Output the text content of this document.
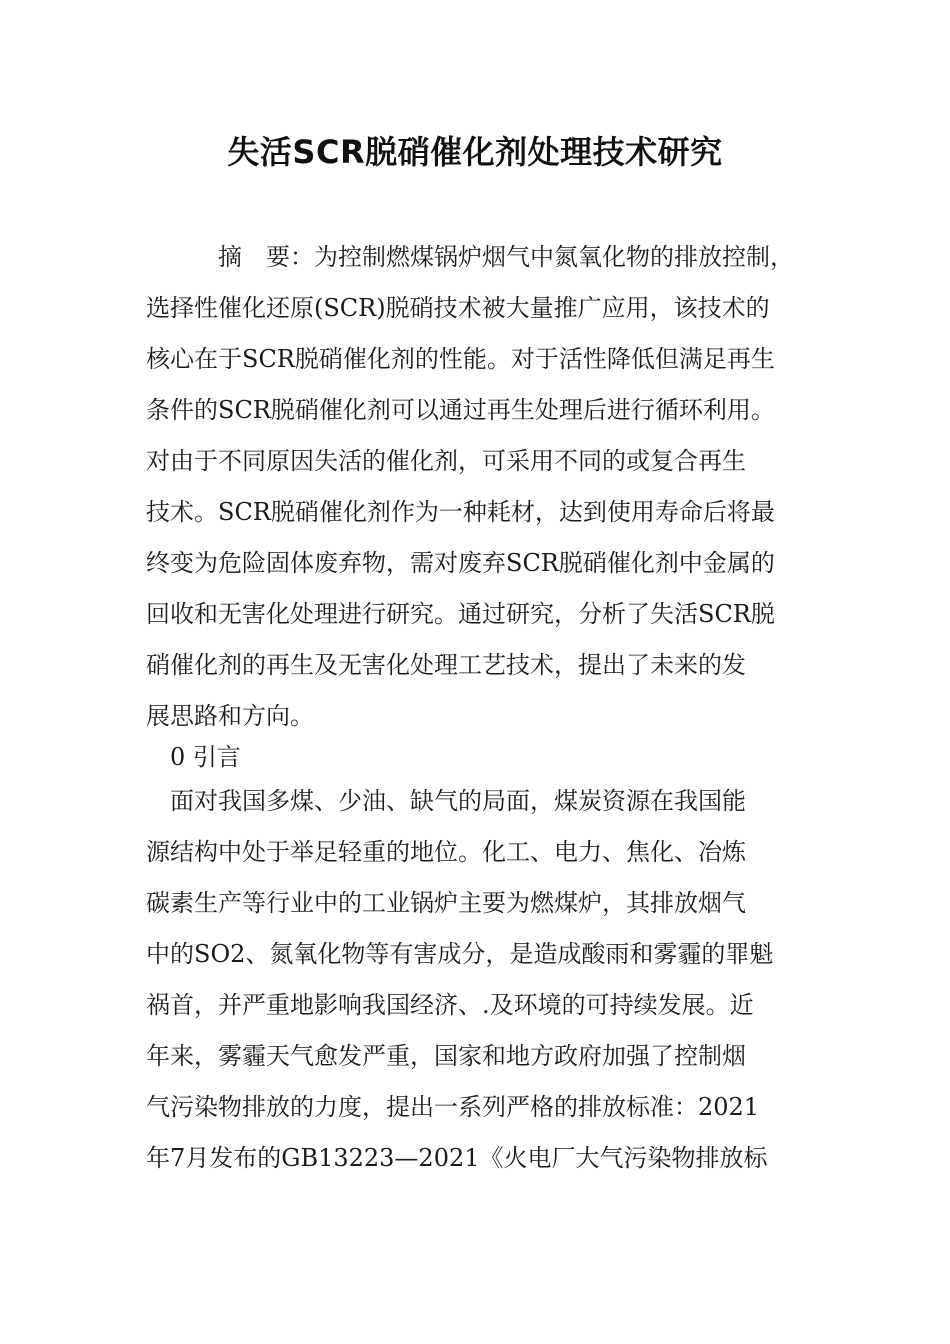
失活SCR脱硝催化剂处理技术研究
　　　摘　要：为控制燃煤锅炉烟气中氮氧化物的排放控制，
选择性催化还原(SCR)脱硝技术被大量推广应用，该技术的
核心在于SCR脱硝催化剂的性能。对于活性降低但满足再生
条件的SCR脱硝催化剂可以通过再生处理后进行循环利用。
对由于不同原因失活的催化剂，可采用不同的或复合再生
技术。SCR脱硝催化剂作为一种耗材，达到使用寿命后将最
终变为危险固体废弃物，需对废弃SCR脱硝催化剂中金属的
回收和无害化处理进行研究。通过研究，分析了失活SCR脱
硝催化剂的再生及无害化处理工艺技术，提出了未来的发
展思路和方向。
　0 引言
　面对我国多煤、少油、缺气的局面，煤炭资源在我国能
源结构中处于举足轻重的地位。化工、电力、焦化、冶炼
碳素生产等行业中的工业锅炉主要为燃煤炉，其排放烟气
中的SO2、氮氧化物等有害成分，是造成酸雨和雾霾的罪魁
祸首，并严重地影响我国经济、.及环境的可持续发展。近
年来，雾霾天气愈发严重，国家和地方政府加强了控制烟
气污染物排放的力度，提出一系列严格的排放标准：2021
年7月发布的GB13223—2021《火电厂大气污染物排放标
